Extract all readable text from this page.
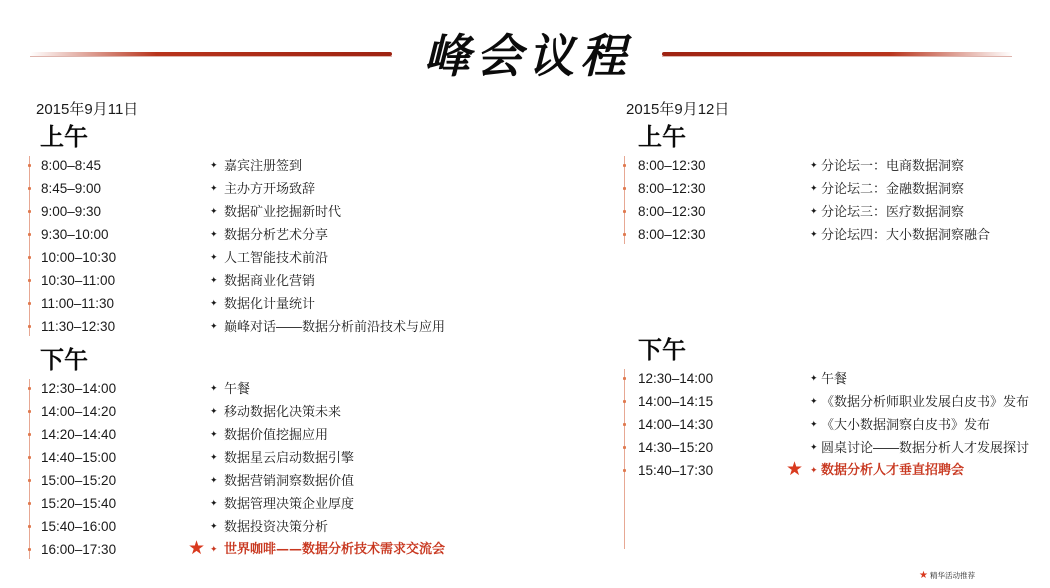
峰会议程
2015年9月11日
上午
8:00–8:45	✦ 嘉宾注册签到
8:45–9:00	✦ 主办方开场致辞
9:00–9:30	✦ 数据矿业挖掘新时代
9:30–10:00	✦ 数据分析艺术分享
10:00–10:30	✦ 人工智能技术前沿
10:30–11:00	✦ 数据商业化营销
11:00–11:30	✦ 数据化计量统计
11:30–12:30	✦ 巅峰对话——数据分析前沿技术与应用
下午
12:30–14:00	✦ 午餐
14:00–14:20	✦ 移动数据化决策未来
14:20–14:40	✦ 数据价值挖掘应用
14:40–15:00	✦ 数据星云启动数据引擎
15:00–15:20	✦ 数据营销洞察数据价值
15:20–15:40	✦ 数据管理决策企业厚度
15:40–16:00	✦ 数据投资决策分析
16:00–17:30	★ ✦ 世界咖啡——数据分析技术需求交流会
2015年9月12日
上午
8:00–12:30	✦ 分论坛一：电商数据洞察
8:00–12:30	✦ 分论坛二：金融数据洞察
8:00–12:30	✦ 分论坛三：医疗数据洞察
8:00–12:30	✦ 分论坛四：大小数据洞察融合
下午
12:30–14:00	✦ 午餐
14:00–14:15	✦ 《数据分析师职业发展白皮书》发布
14:00–14:30	✦ 《大小数据洞察白皮书》发布
14:30–15:20	✦ 圆桌讨论——数据分析人才发展探讨
15:40–17:30	★ ✦ 数据分析人才垂直招聘会
★ 精华活动推荐
